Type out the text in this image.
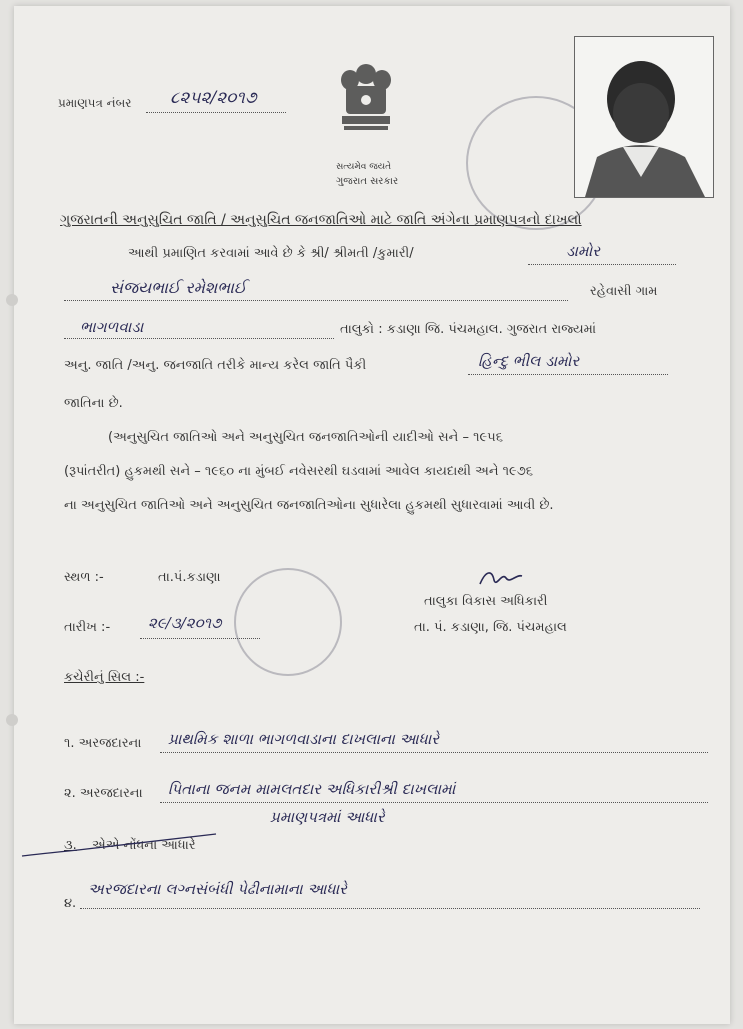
પ્રમાણપત્ર નંબર ૮૨૫૨/૨૦૧૭
સત્યમેવ જયતે
ગુજરાત સરકાર
ગુજરાતની અનુસુચિત જાતિ / અનુસુચિત જનજાતિઓ માટે જાતિ અંગેના પ્રમાણપત્રનો દાખલો
આથી પ્રમાણિત કરવામાં આવે છે કે શ્રી/ શ્રીમતી /કુમારી/	ડામોર
સંજયભાઈ રમેશભાઈ	રહેવાસી ગામ
ભાગળવાડા	તાલુકો : કડાણા જિ. પંચમહાલ. ગુજરાત રાજ્યમાં
અનુ. જાતિ /અનુ. જનજાતિ તરીકે માન્ય કરેલ જાતિ પૈકી	હિન્દુ ભીલ ડામોર
જાતિના છે.
(અનુસુચિત જાતિઓ અને અનુસુચિત જનજાતિઓની યાદીઓ સને – ૧૯૫૬
(રૂપાંતરીત) હુકમથી સને – ૧૯૬૦ ના મુંબઈ નવેસરથી ઘડવામાં આવેલ કાયદાથી અને ૧૯૭૬
ના અનુસુચિત જાતિઓ અને અનુસુચિત જનજાતિઓના સુધારેલા હુકમથી સુધારવામાં આવી છે.
સ્થળ :-	તા.પં.કડાણા
તારીખ :-	૨૯/૩/૨૦૧૭
તાલુકા વિકાસ અધિકારી
તા. પં. કડાણા, જિ. પંચમહાલ
કચેરીનું સિલ :-
૧. અરજદારના પ્રાથમિક શાળા ભાગળવાડાના દાખલાના આધારે
૨. અરજદારના પિતાના જનમ મામલતદાર અધિકારીશ્રી દાખલામાં
પ્રમાણપત્રમાં આધારે
૩. એએ નોંધના આધારે
૪.
અરજદારના લગ્નસંબંધી પેઢીનામાના આધારે
